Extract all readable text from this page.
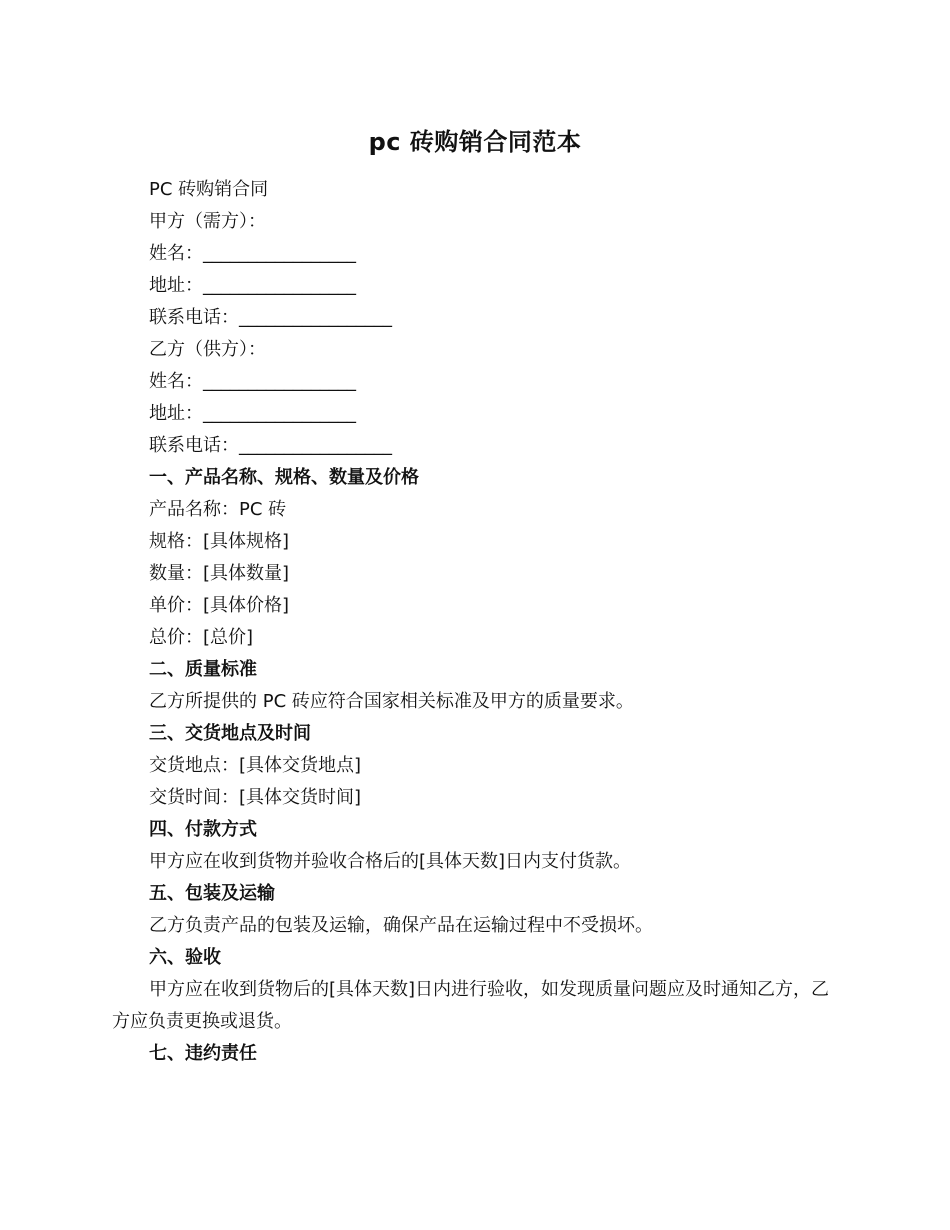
pc 砖购销合同范本
PC 砖购销合同
甲方（需方）：
姓名：_________________
地址：_________________
联系电话：_________________
乙方（供方）：
姓名：_________________
地址：_________________
联系电话：_________________
一、产品名称、规格、数量及价格
产品名称：PC 砖
规格：[具体规格]
数量：[具体数量]
单价：[具体价格]
总价：[总价]
二、质量标准
乙方所提供的 PC 砖应符合国家相关标准及甲方的质量要求。
三、交货地点及时间
交货地点：[具体交货地点]
交货时间：[具体交货时间]
四、付款方式
甲方应在收到货物并验收合格后的[具体天数]日内支付货款。
五、包装及运输
乙方负责产品的包装及运输，确保产品在运输过程中不受损坏。
六、验收
甲方应在收到货物后的[具体天数]日内进行验收，如发现质量问题应及时通知乙方，乙方应负责更换或退货。
七、违约责任
